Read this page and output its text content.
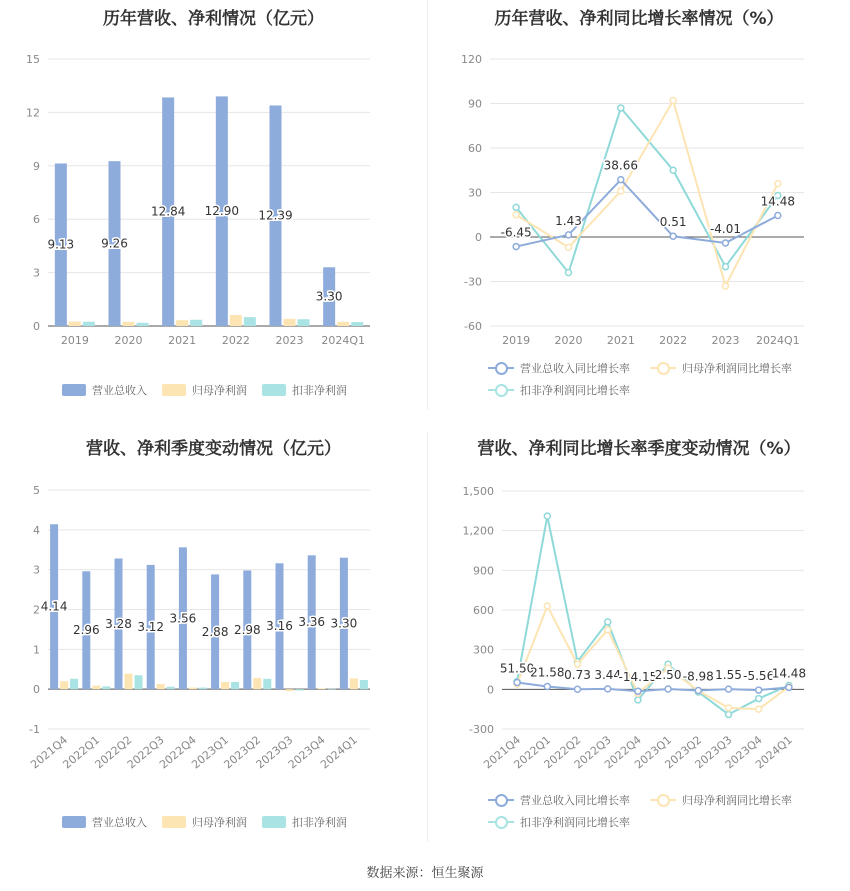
历年营收、净利情况（亿元）
0
3
6
9
12
15
2019 2020 2021 2022 2023 2024Q1
9.13 9.26
12.84 12.90 12.39
3.30
营业总收入	归母净利润	扣非净利润
历年营收、净利同比增长率情况（%）
-60
-30
0
30
60
90
120
2019 2020 2021 2022 2023 2024Q1
-6.45
1.43
38.66
0.51 -4.01
14.48
营业总收入同比增长率	归母净利润同比增长率
扣非净利润同比增长率
营收、净利季度变动情况（亿元）
-1
0
1
2
3
4
5
2021Q4
2022Q1
2022Q2
2022Q3
2022Q4
2023Q1
2023Q2
2023Q3
2023Q4
2024Q1
4.14
2.96 3.28 3.12
3.56
2.88 2.98 3.16 3.36 3.30
营业总收入	归母净利润	扣非净利润
营收、净利同比增长率季度变动情况（%）
-300
0
300
600
900
1,200
1,500
2021Q4
2022Q1
2022Q2
2022Q3
2022Q4
2023Q1
2023Q2
2023Q3
2023Q4
2024Q1
51.50
21.58 0.73 3.44
-14.15
2.50 -8.98 1.55 -5.56
14.48
营业总收入同比增长率	归母净利润同比增长率
扣非净利润同比增长率
数据来源：恒生聚源
